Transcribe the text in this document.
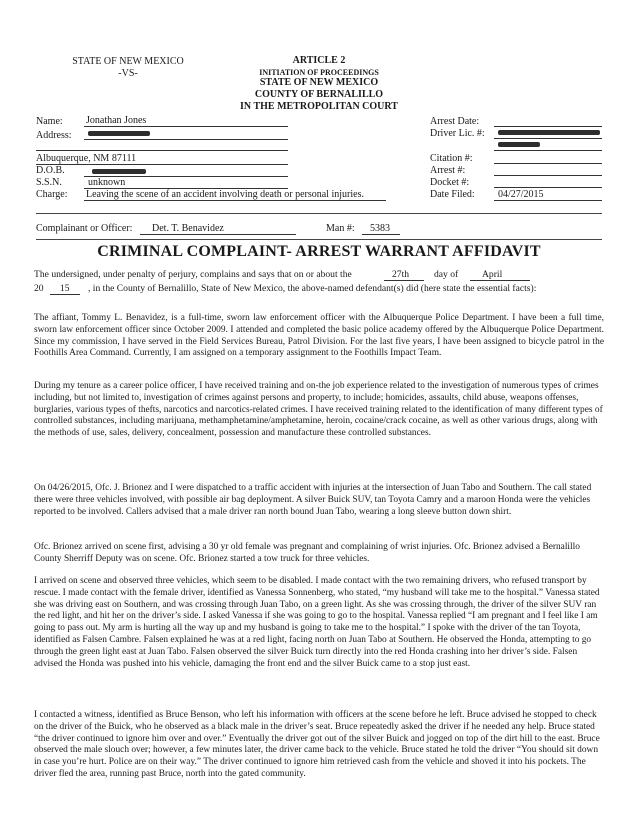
STATE OF NEW MEXICO
-VS-
ARTICLE 2
INITIATION OF PROCEEDINGS
STATE OF NEW MEXICO
COUNTY OF BERNALILLO
IN THE METROPOLITAN COURT
Name: Jonathan Jones
Address:
Albuquerque, NM 87111
D.O.B.
S.S.N.	unknown
Charge: Leaving the scene of an accident involving death or personal injuries.
Arrest Date:
Driver Lic. #:
Citation #:
Arrest #:
Docket #:
Date Filed: 04/27/2015
Complainant or Officer: Det. T. Benavidez	Man #: 5383
CRIMINAL COMPLAINT- ARREST WARRANT AFFIDAVIT
The undersigned, under penalty of perjury, complains and says that on or about the	27th	day of April
20 15 , in the County of Bernalillo, State of New Mexico, the above-named defendant(s) did (here state the essential facts):
The affiant, Tommy L. Benavidez, is a full-time, sworn law enforcement officer with the Albuquerque Police Department. I have been a full time, sworn law enforcement officer since October 2009. I attended and completed the basic police academy offered by the Albuquerque Police Department. Since my commission, I have served in the Field Services Bureau, Patrol Division. For the last five years, I have been assigned to bicycle patrol in the Foothills Area Command. Currently, I am assigned on a temporary assignment to the Foothills Impact Team.
During my tenure as a career police officer, I have received training and on-the job experience related to the investigation of numerous types of crimes including, but not limited to, investigation of crimes against persons and property, to include; homicides, assaults, child abuse, weapons offenses, burglaries, various types of thefts, narcotics and narcotics-related crimes. I have received training related to the identification of many different types of controlled substances, including marijuana, methamphetamine/amphetamine, heroin, cocaine/crack cocaine, as well as other various drugs, along with the methods of use, sales, delivery, concealment, possession and manufacture these controlled substances.
On 04/26/2015, Ofc. J. Brionez and I were dispatched to a traffic accident with injuries at the intersection of Juan Tabo and Southern. The call stated there were three vehicles involved, with possible air bag deployment. A silver Buick SUV, tan Toyota Camry and a maroon Honda were the vehicles reported to be involved. Callers advised that a male driver ran north bound Juan Tabo, wearing a long sleeve button down shirt.
Ofc. Brionez arrived on scene first, advising a 30 yr old female was pregnant and complaining of wrist injuries. Ofc. Brionez advised a Bernalillo County Sherriff Deputy was on scene. Ofc. Brionez started a tow truck for three vehicles.
I arrived on scene and observed three vehicles, which seem to be disabled. I made contact with the two remaining drivers, who refused transport by rescue. I made contact with the female driver, identified as Vanessa Sonnenberg, who stated, “my husband will take me to the hospital.” Vanessa stated she was driving east on Southern, and was crossing through Juan Tabo, on a green light. As she was crossing through, the driver of the silver SUV ran the red light, and hit her on the driver’s side. I asked Vanessa if she was going to go to the hospital. Vanessa replied “I am pregnant and I feel like I am going to pass out. My arm is hurting all the way up and my husband is going to take me to the hospital.” I spoke with the driver of the tan Toyota, identified as Falsen Cambre. Falsen explained he was at a red light, facing north on Juan Tabo at Southern. He observed the Honda, attempting to go through the green light east at Juan Tabo. Falsen observed the silver Buick turn directly into the red Honda crashing into her driver’s side. Falsen advised the Honda was pushed into his vehicle, damaging the front end and the silver Buick came to a stop just east.
I contacted a witness, identified as Bruce Benson, who left his information with officers at the scene before he left. Bruce advised he stopped to check on the driver of the Buick, who he observed as a black male in the driver’s seat. Bruce repeatedly asked the driver if he needed any help. Bruce stated “the driver continued to ignore him over and over.” Eventually the driver got out of the silver Buick and jogged on top of the dirt hill to the east. Bruce observed the male slouch over; however, a few minutes later, the driver came back to the vehicle. Bruce stated he told the driver “You should sit down in case you’re hurt. Police are on their way.” The driver continued to ignore him retrieved cash from the vehicle and shoved it into his pockets. The driver fled the area, running past Bruce, north into the gated community.
